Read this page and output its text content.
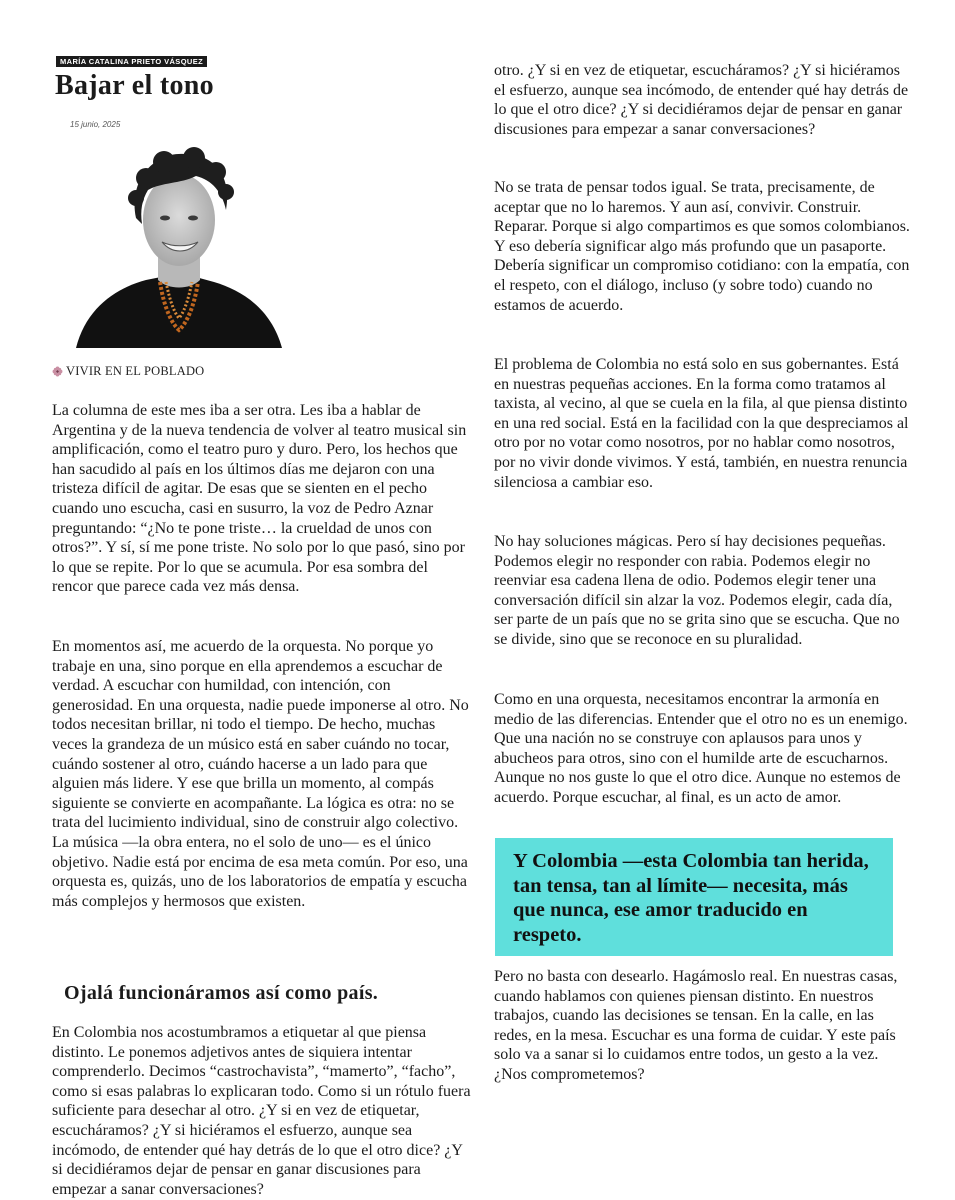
MARÍA CATALINA PRIETO VÁSQUEZ
Bajar el tono
15 junio, 2025
VIVIR EN EL POBLADO

La columna de este mes iba a ser otra. Les iba a hablar de Argentina y de la nueva tendencia de volver al teatro musical sin amplificación, como el teatro puro y duro. Pero, los hechos que han sacudido al país en los últimos días me dejaron con una tristeza difícil de agitar. De esas que se sienten en el pecho cuando uno escucha, casi en susurro, la voz de Pedro Aznar preguntando: “¿No te pone triste… la crueldad de unos con otros?”. Y sí, sí me pone triste. No solo por lo que pasó, sino por lo que se repite. Por lo que se acumula. Por esa sombra del rencor que parece cada vez más densa.

En momentos así, me acuerdo de la orquesta. No porque yo trabaje en una, sino porque en ella aprendemos a escuchar de verdad. A escuchar con humildad, con intención, con generosidad. En una orquesta, nadie puede imponerse al otro. No todos necesitan brillar, ni todo el tiempo. De hecho, muchas veces la grandeza de un músico está en saber cuándo no tocar, cuándo sostener al otro, cuándo hacerse a un lado para que alguien más lidere. Y ese que brilla un momento, al compás siguiente se convierte en acompañante. La lógica es otra: no se trata del lucimiento individual, sino de construir algo colectivo. La música —la obra entera, no el solo de uno— es el único objetivo. Nadie está por encima de esa meta común. Por eso, una orquesta es, quizás, uno de los laboratorios de empatía y escucha más complejos y hermosos que existen.

Ojalá funcionáramos así como país.

En Colombia nos acostumbramos a etiquetar al que piensa distinto. Le ponemos adjetivos antes de siquiera intentar comprenderlo. Decimos “castrochavista”, “mamerto”, “facho”, como si esas palabras lo explicaran todo. Como si un rótulo fuera suficiente para desechar al otro. ¿Y si en vez de etiquetar, escucháramos? ¿Y si hiciéramos el esfuerzo, aunque sea incómodo, de entender qué hay detrás de lo que el otro dice? ¿Y si decidiéramos dejar de pensar en ganar discusiones para empezar a sanar conversaciones?

otro. ¿Y si en vez de etiquetar, escucháramos? ¿Y si hiciéramos el esfuerzo, aunque sea incómodo, de entender qué hay detrás de lo que el otro dice? ¿Y si decidiéramos dejar de pensar en ganar discusiones para empezar a sanar conversaciones?

No se trata de pensar todos igual. Se trata, precisamente, de aceptar que no lo haremos. Y aun así, convivir. Construir. Reparar. Porque si algo compartimos es que somos colombianos. Y eso debería significar algo más profundo que un pasaporte. Debería significar un compromiso cotidiano: con la empatía, con el respeto, con el diálogo, incluso (y sobre todo) cuando no estamos de acuerdo.

El problema de Colombia no está solo en sus gobernantes. Está en nuestras pequeñas acciones. En la forma como tratamos al taxista, al vecino, al que se cuela en la fila, al que piensa distinto en una red social. Está en la facilidad con la que despreciamos al otro por no votar como nosotros, por no hablar como nosotros, por no vivir donde vivimos. Y está, también, en nuestra renuncia silenciosa a cambiar eso.

No hay soluciones mágicas. Pero sí hay decisiones pequeñas. Podemos elegir no responder con rabia. Podemos elegir no reenviar esa cadena llena de odio. Podemos elegir tener una conversación difícil sin alzar la voz. Podemos elegir, cada día, ser parte de un país que no se grita sino que se escucha. Que no se divide, sino que se reconoce en su pluralidad.

Como en una orquesta, necesitamos encontrar la armonía en medio de las diferencias. Entender que el otro no es un enemigo. Que una nación no se construye con aplausos para unos y abucheos para otros, sino con el humilde arte de escucharnos. Aunque no nos guste lo que el otro dice. Aunque no estemos de acuerdo. Porque escuchar, al final, es un acto de amor.

Y Colombia —esta Colombia tan herida, tan tensa, tan al límite— necesita, más que nunca, ese amor traducido en respeto.

Pero no basta con desearlo. Hagámoslo real. En nuestras casas, cuando hablamos con quienes piensan distinto. En nuestros trabajos, cuando las decisiones se tensan. En la calle, en las redes, en la mesa. Escuchar es una forma de cuidar. Y este país solo va a sanar si lo cuidamos entre todos, un gesto a la vez. ¿Nos comprometemos?
